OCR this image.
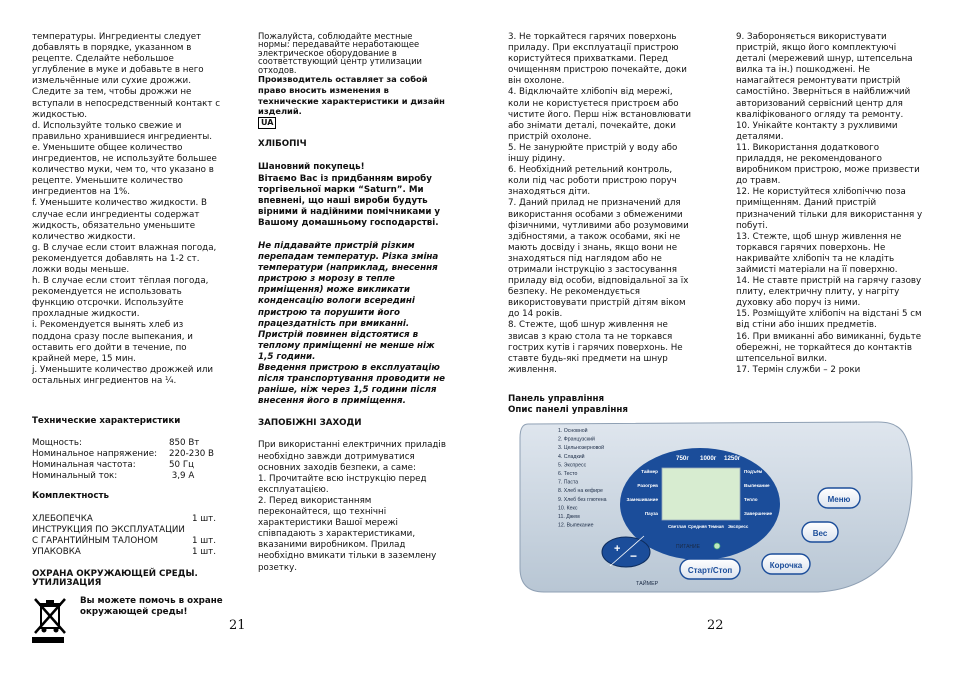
температуры. Ингредиенты следует добавлять в порядке, указанном в рецепте. Сделайте небольшое углубление в муке и добавьте в него измельчённые или сухие дрожжи. Следите за тем, чтобы дрожжи не вступали в непосредственный контакт с жидкостью.

d. Используйте только свежие и правильно хранившиеся ингредиенты.

e. Уменьшите общее количество ингредиентов, не используйте большее количество муки, чем то, что указано в рецепте. Уменьшите количество ингредиентов на 1%.

f. Уменьшите количество жидкости. В случае если ингредиенты содержат жидкость, обязательно уменьшите количество жидкости.

g. В случае если стоит влажная погода, рекомендуется добавлять на 1-2 ст. ложки воды меньше.

h. В случае если стоит тёплая погода, рекомендуется не использовать функцию отсрочки. Используйте прохладные жидкости.

i. Рекомендуется вынять хлеб из поддона сразу после выпекания, и оставить его дойти в течение, по крайней мере, 15 мин.

j. Уменьшите количество дрожжей или остальных ингредиентов на ¼.

Технические характеристики

Мощность:	850 Вт
Номинальное напряжение:	220-230 В
Номинальная частота:	50 Гц
Номинальный ток:	3,9 А

Комплектность

ХЛЕБОПЕЧКА	1 шт.
ИНСТРУКЦИЯ ПО ЭКСПЛУАТАЦИИ
С ГАРАНТИЙНЫМ ТАЛОНОМ	1 шт.
УПАКОВКА	1 шт.

ОХРАНА ОКРУЖАЮЩЕЙ СРЕДЫ.
УТИЛИЗАЦИЯ

Вы можете помочь в охране окружающей среды!

Пожалуйста, соблюдайте местные нормы: передавайте неработающее электрическое оборудование в соответствующий центр утилизации отходов.

Производитель оставляет за собой право вносить изменения в технические характеристики и дизайн изделий.

UA

ХЛІБОПІЧ

Шановний покупець!

Вітаємо Вас із придбанням виробу торгівельної марки “Saturn”. Ми впевнені, що наші вироби будуть вірними й надійними помічниками у Вашому домашньому господарстві.

Не піддавайте пристрій різким перепадам температур. Різка зміна температури (наприклад, внесення пристрою з морозу в тепле приміщення) може викликати конденсацію вологи всередині пристрою та порушити його працездатність при вмиканні. Пристрій повинен відстоятися в теплому приміщенні не менше ніж 1,5 години.

Введення пристрою в експлуатацію після транспортування проводити не раніше, ніж через 1,5 години після внесення його в приміщення.

ЗАПОБІЖНІ ЗАХОДИ

При використанні електричних приладів необхідно завжди дотримуватися основних заходів безпеки, а саме:

1. Прочитайте всю інструкцію перед експлуатацією.

2. Перед використанням переконайтеся, що технічні характеристики Вашої мережі співпадають з характеристиками, вказаними виробником. Прилад необхідно вмикати тільки в заземлену розетку.

21

3. Не торкайтеся гарячих поверхонь приладу. При експлуатації пристрою користуйтеся прихватками. Перед очищенням пристрою почекайте, доки він охолоне.

4. Відключайте хлібопіч від мережі, коли не користуєтеся пристроєм або чистите його. Перш ніж встановлювати або знімати деталі, почекайте, доки пристрій охолоне.

5. Не занурюйте пристрій у воду або іншу рідину.

6. Необхідний ретельний контроль, коли під час роботи пристрою поруч знаходяться діти.

7. Даний прилад не призначений для використання особами з обмеженими фізичними, чутливими або розумовими здібностями, а також особами, які не мають досвіду і знань, якщо вони не знаходяться під наглядом або не отримали інструкцію з застосування приладу від особи, відповідальної за їх безпеку. Не рекомендується використовувати пристрій дітям віком до 14 років.

8. Стежте, щоб шнур живлення не звисав з краю стола та не торкався гострих кутів і гарячих поверхонь. Не ставте будь-які предмети на шнур живлення.

Панель управління

Опис панелі управління

9. Забороняється використувати пристрій, якщо його комплектуючі деталі (мережевий шнур, штепсельна вилка та ін.) пошкоджені. Не намагайтеся ремонтувати пристрій самостійно. Зверніться в найближчий авторизований сервісний центр для кваліфікованого огляду та ремонту.

10. Унікайте контакту з рухливими деталями.

11. Використання додаткового приладдя, не рекомендованого виробником пристрою, може призвести до травм.

12. Не користуйтеся хлібопіччю поза приміщенням. Даний пристрій призначений тільки для використання у побуті.

13. Стежте, щоб шнур живлення не торкався гарячих поверхонь. Не накривайте хлібопіч та не кладіть займисті матеріали на її поверхню.

14. Не ставте пристрій на гарячу газову плиту, електричну плиту, у нагріту духовку або поруч із ними.

15. Розміщуйте хлібопіч на відстані 5 см від стіни або інших предметів.

16. При вмиканні або вимиканні, будьте обережні, не торкайтеся до контактів штепсельної вилки.

17. Термін служби – 2 роки

22
1. Основной
2. Французский
3. Цельнозерновой
4. Сладкий
5. Экспресс
6. Тесто
7. Паста
8. Хлеб на кефире
9. Хлеб без глютена
10. Кекс
11. Джем
12. Выпекание
750г 1000г 1250г
Таймер
Разогрев
Замешивание
Пауза
Подъём
Выпекание
Тепло
Завершение
Светлая Средняя Темная Экспресс
+ −
ТАЙМЕР
ПИТАНИЕ
Старт/Стоп
Корочка
Вес
Меню
